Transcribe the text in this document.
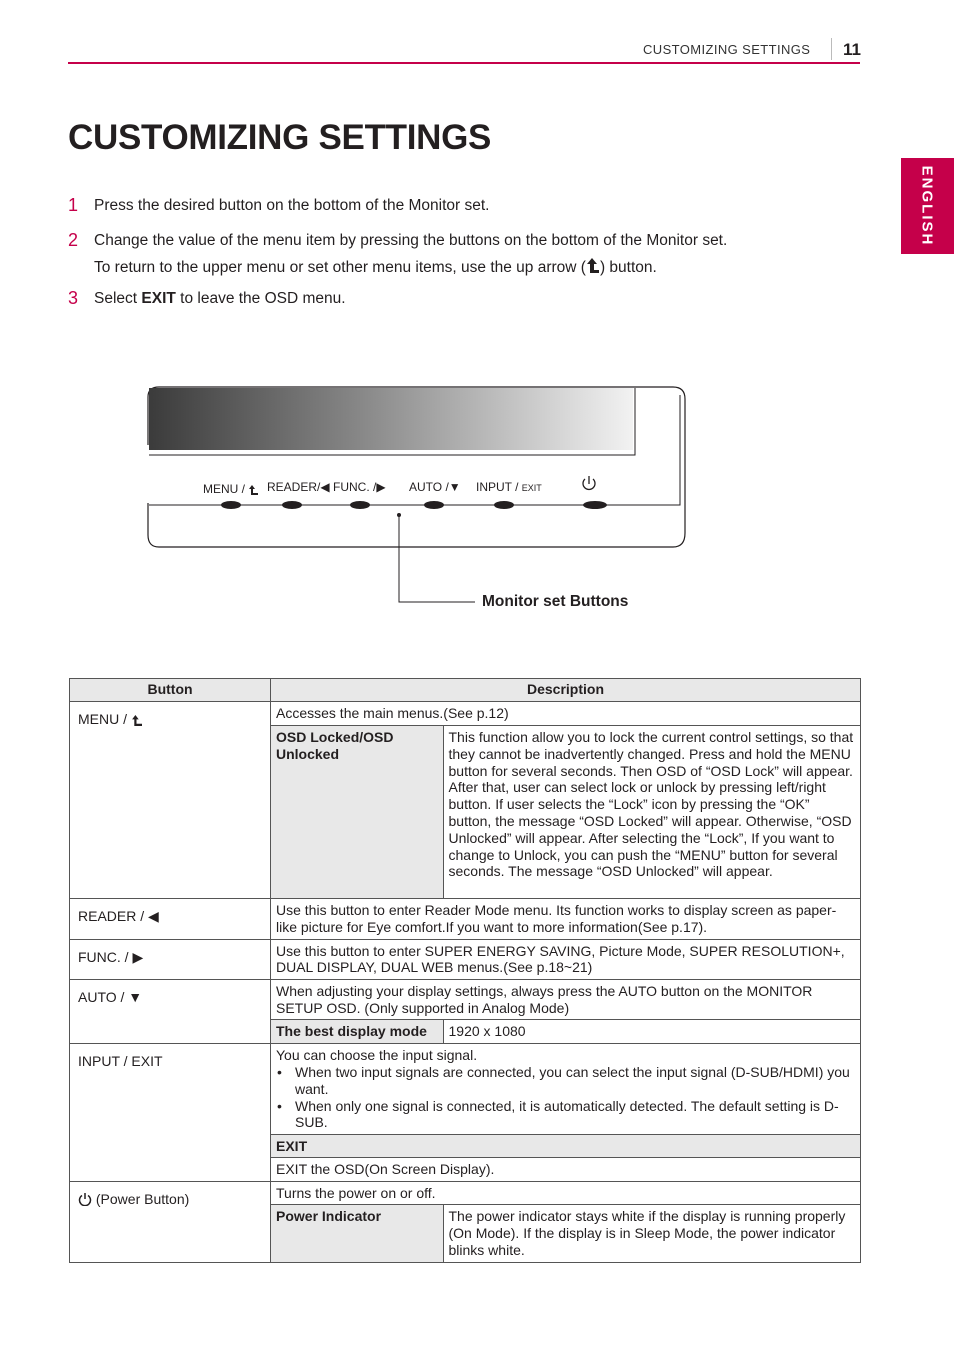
CUSTOMIZING SETTINGS 11
ENGLISH
CUSTOMIZING SETTINGS
1 Press the desired button on the bottom of the Monitor set.
2 Change the value of the menu item by pressing the buttons on the bottom of the Monitor set.
To return to the upper menu or set other menu items, use the up arrow ( ) button.
3 Select EXIT to leave the OSD menu.
MENU /	READER/◀ FUNC. /▶ AUTO /▼ INPUT / EXIT
Monitor set Buttons
Button	Description
MENU /	Accesses the main menus.(See p.12)
OSD Locked/OSD Unlocked	This function allow you to lock the current control settings, so that they cannot be inadvertently changed. Press and hold the MENU button for several seconds. Then OSD of “OSD Lock” will appear. After that, user can select lock or unlock by pressing left/right button. If user selects the “Lock” icon by pressing the “OK” button, the message “OSD Locked” will appear. Otherwise, “OSD Unlocked” will appear. After selecting the “Lock”, If you want to change to Unlock, you can push the “MENU” button for several seconds. The message “OSD Unlocked” will appear.

READER / ◀	Use this button to enter Reader Mode menu. Its function works to display screen as paper-like picture for Eye comfort.If you want to more information(See p.17).
FUNC. / ▶	Use this button to enter SUPER ENERGY SAVING, Picture Mode, SUPER RESOLUTION+, DUAL DISPLAY, DUAL WEB menus.(See p.18~21)
AUTO / ▼	When adjusting your display settings, always press the AUTO button on the MONITOR SETUP OSD. (Only supported in Analog Mode)
The best display mode	1920 x 1080

INPUT / EXIT	You can choose the input signal.
• When two input signals are connected, you can select the input signal (D-SUB/HDMI) you want.
• When only one signal is connected, it is automatically detected. The default setting is D-SUB.
EXIT
EXIT the OSD(On Screen Display).

(Power Button)	Turns the power on or off.
Power Indicator	The power indicator stays white if the display is running properly (On Mode). If the display is in Sleep Mode, the power indicator blinks white.
